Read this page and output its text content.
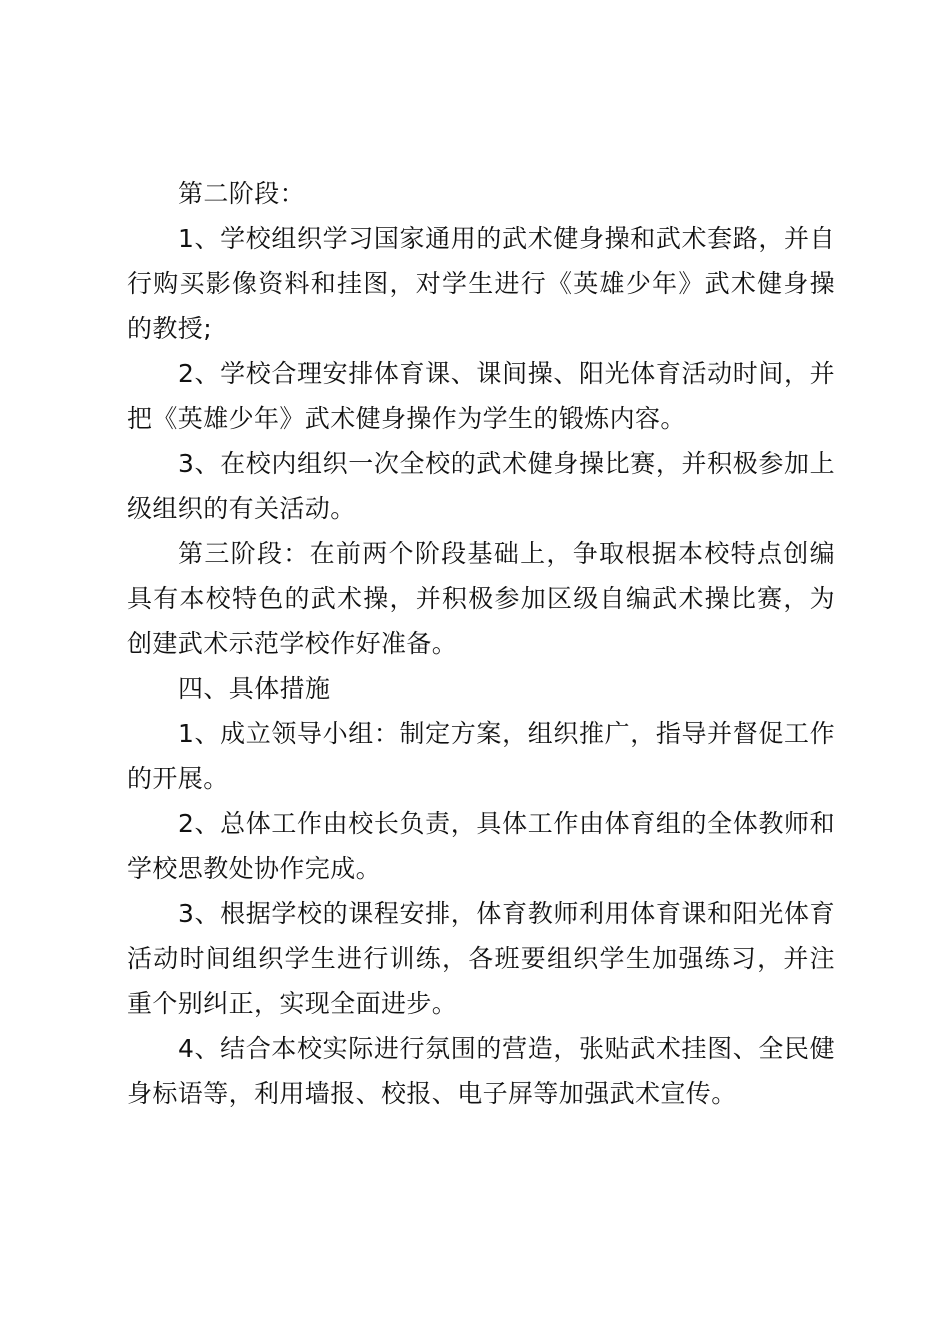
第二阶段：

1、学校组织学习国家通用的武术健身操和武术套路，并自行购买影像资料和挂图，对学生进行《英雄少年》武术健身操的教授;

2、学校合理安排体育课、课间操、阳光体育活动时间，并把《英雄少年》武术健身操作为学生的锻炼内容。

3、在校内组织一次全校的武术健身操比赛，并积极参加上级组织的有关活动。

第三阶段：在前两个阶段基础上，争取根据本校特点创编具有本校特色的武术操，并积极参加区级自编武术操比赛，为创建武术示范学校作好准备。

四、具体措施

1、成立领导小组：制定方案，组织推广，指导并督促工作的开展。

2、总体工作由校长负责，具体工作由体育组的全体教师和学校思教处协作完成。

3、根据学校的课程安排，体育教师利用体育课和阳光体育活动时间组织学生进行训练，各班要组织学生加强练习，并注重个别纠正，实现全面进步。

4、结合本校实际进行氛围的营造，张贴武术挂图、全民健身标语等，利用墙报、校报、电子屏等加强武术宣传。
